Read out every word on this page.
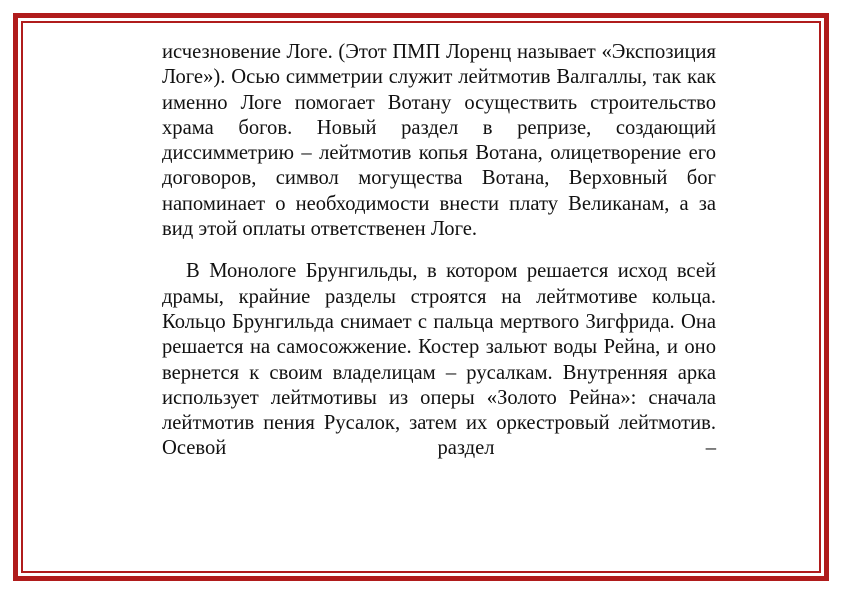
исчезновение Логе. (Этот ПМП Лоренц называет «Экспозиция Логе»). Осью симметрии служит лейтмотив Валгаллы, так как именно Логе помогает Вотану осуществить строительство храма богов. Новый раздел в репризе, создающий диссимметрию – лейтмотив копья Вотана, олицетворение его договоров, символ могущества Вотана, Верховный бог напоминает о необходимости внести плату Великанам, а за вид этой оплаты ответственен Логе.

В Монологе Брунгильды, в котором решается исход всей драмы, крайние разделы строятся на лейтмотиве кольца. Кольцо Брунгильда снимает с пальца мертвого Зигфрида. Она решается на самосожжение. Костер зальют воды Рейна, и оно вернется к своим владелицам – русалкам. Внутренняя арка использует лейтмотивы из оперы «Золото Рейна»: сначала лейтмотив пения Русалок, затем их оркестровый лейтмотив. Осевой раздел –
